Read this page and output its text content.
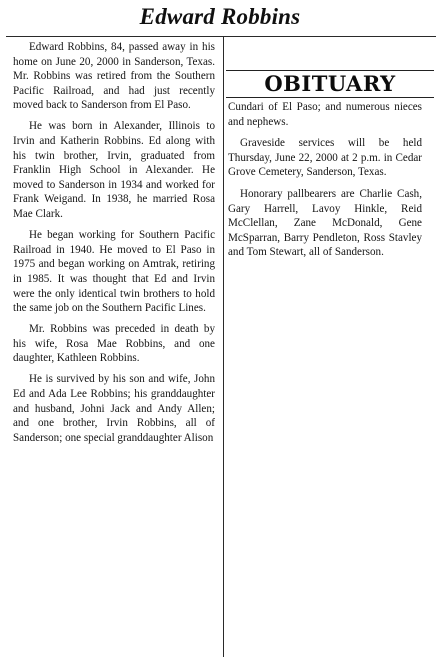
Edward Robbins

Edward Robbins, 84, passed away in his home on June 20, 2000 in Sanderson, Texas. Mr. Robbins was retired from the Southern Pacific Railroad, and had just recently moved back to Sanderson from El Paso.

He was born in Alexander, Illinois to Irvin and Katherin Robbins. Ed along with his twin brother, Irvin, graduated from Franklin High School in Alexander. He moved to Sanderson in 1934 and worked for Frank Weigand. In 1938, he married Rosa Mae Clark.

He began working for Southern Pacific Railroad in 1940. He moved to El Paso in 1975 and began working on Amtrak, retiring in 1985. It was thought that Ed and Irvin were the only identical twin brothers to hold the same job on the Southern Pacific Lines.

Mr. Robbins was preceded in death by his wife, Rosa Mae Robbins, and one daughter, Kathleen Robbins.

He is survived by his son and wife, John Ed and Ada Lee Robbins; his granddaughter and husband, Johni Jack and Andy Allen; and one brother, Irvin Robbins, all of Sanderson; one special granddaughter Alison

OBITUARY

Cundari of El Paso; and numerous nieces and nephews.

Graveside services will be held Thursday, June 22, 2000 at 2 p.m. in Cedar Grove Cemetery, Sanderson, Texas.

Honorary pallbearers are Charlie Cash, Gary Harrell, Lavoy Hinkle, Reid McClellan, Zane McDonald, Gene McSparran, Barry Pendleton, Ross Stavley and Tom Stewart, all of Sanderson.
